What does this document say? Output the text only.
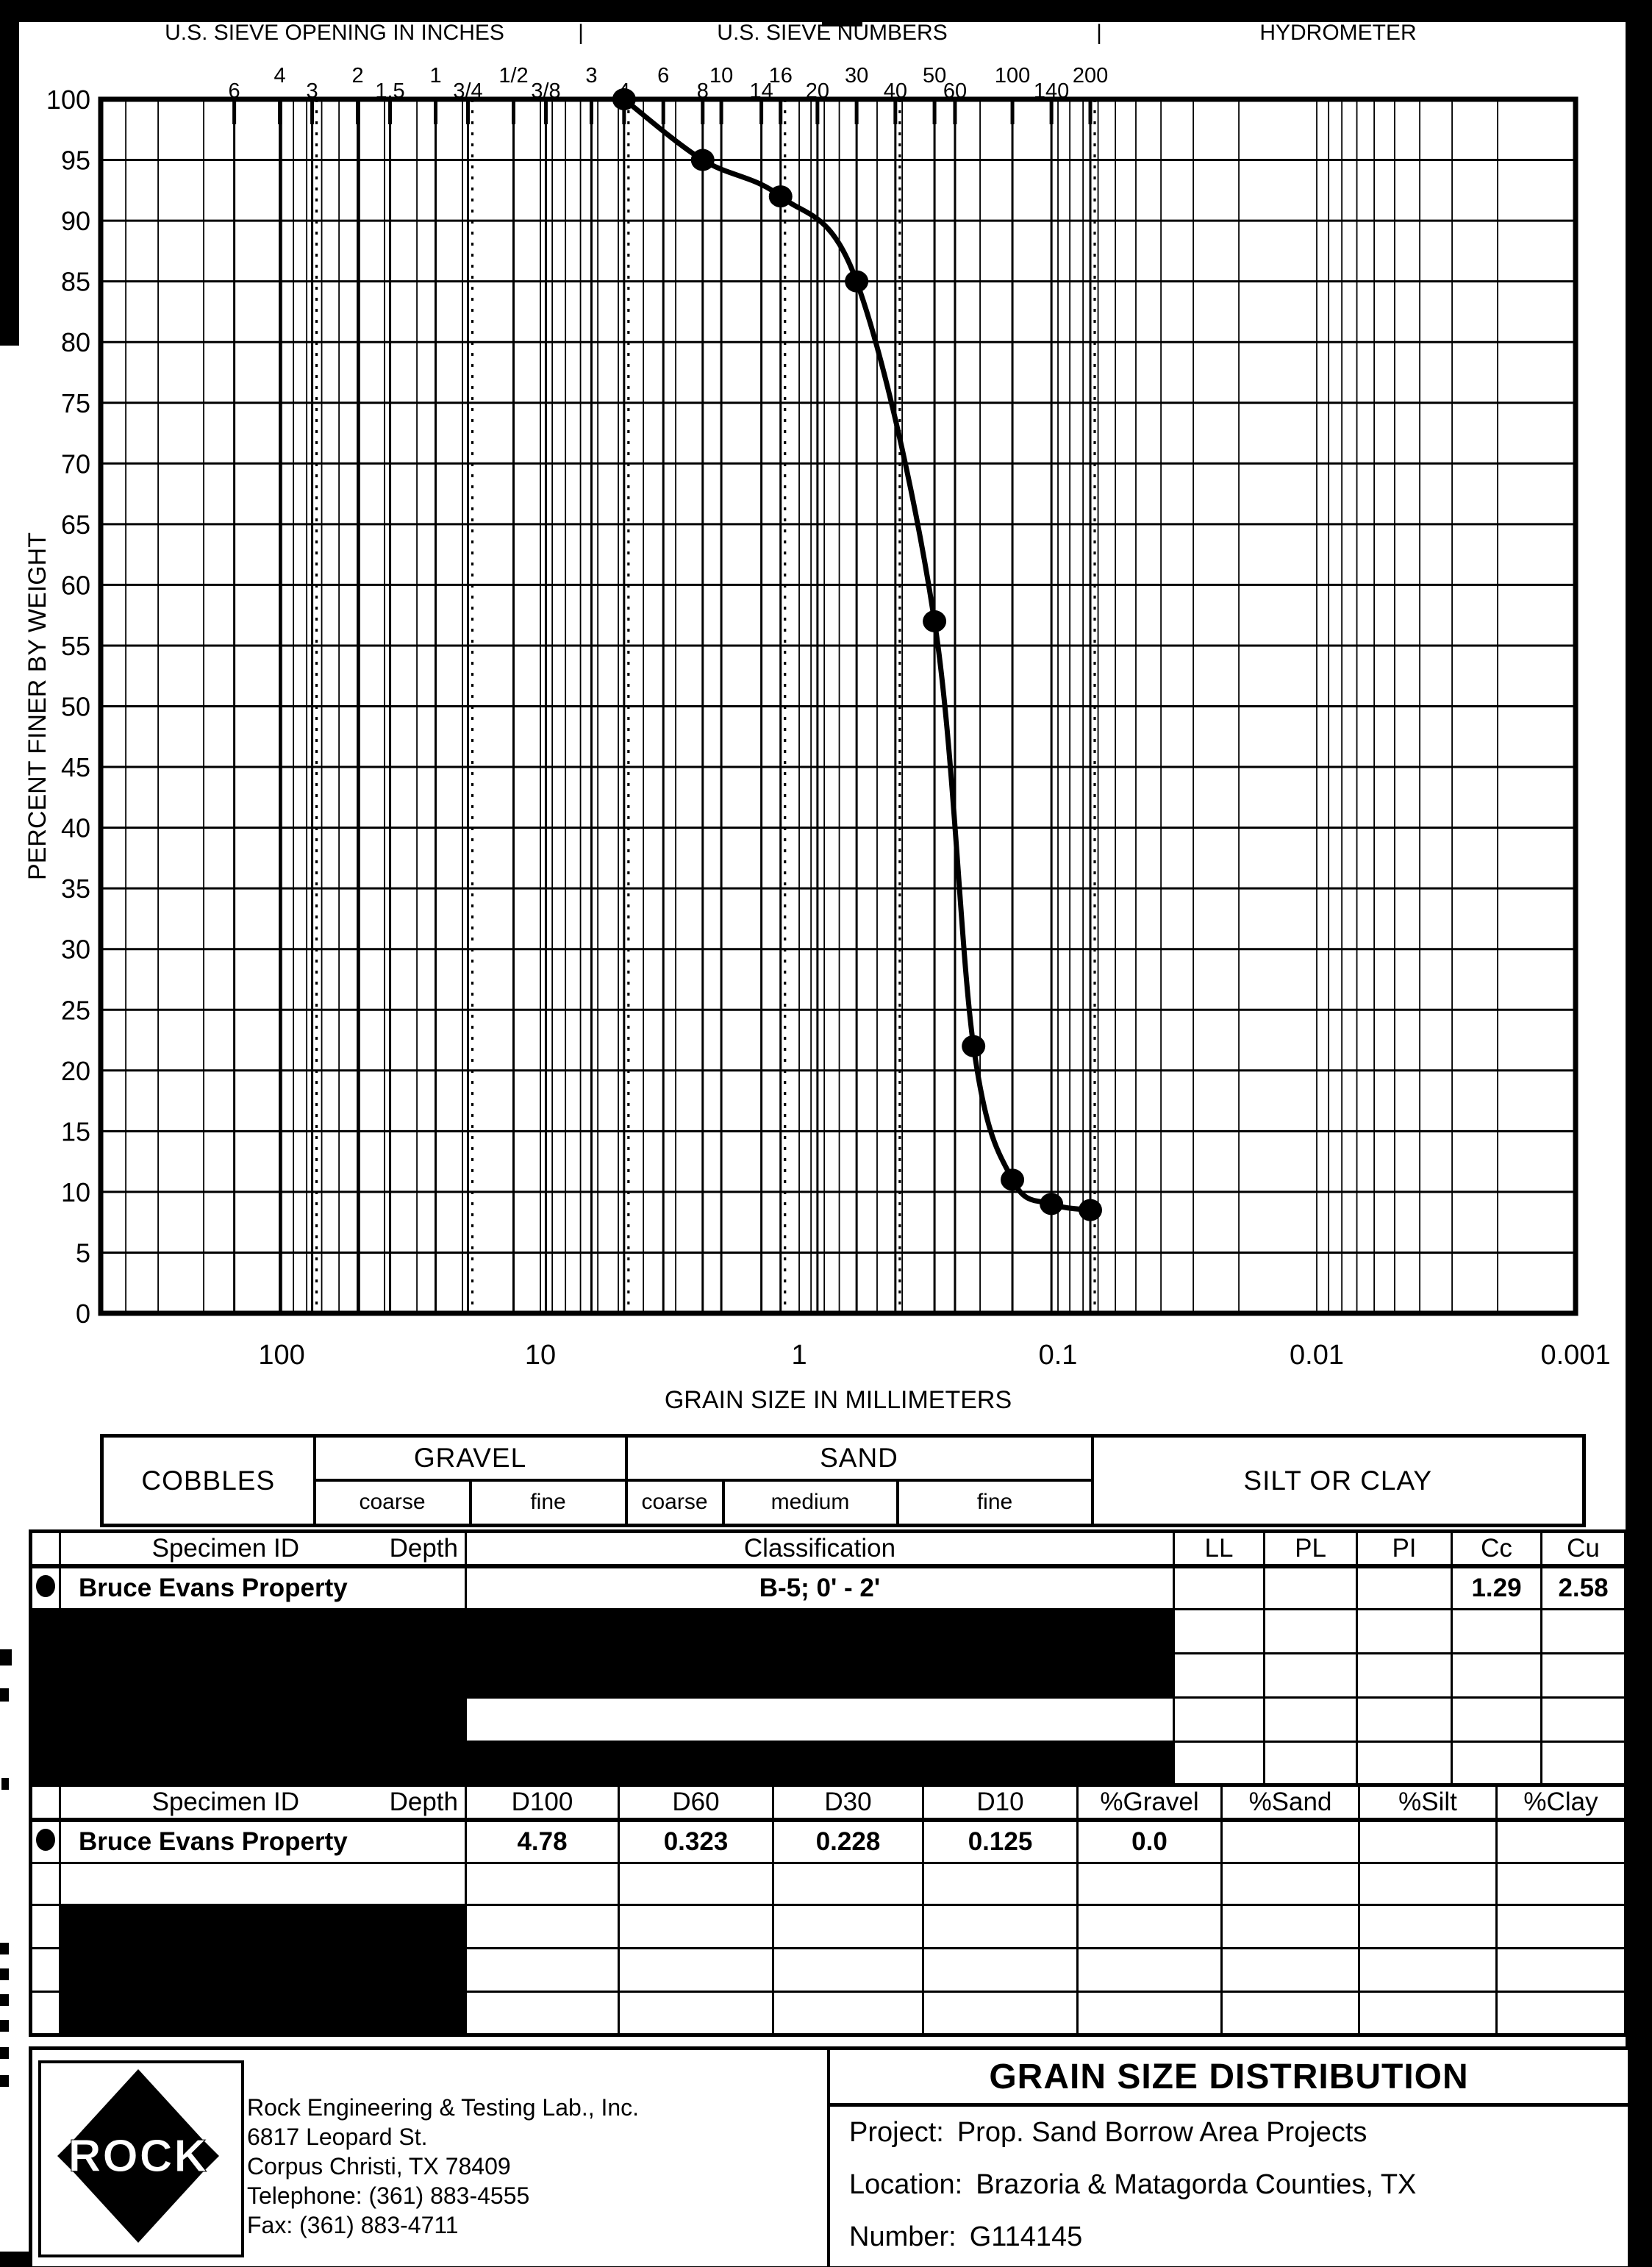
6
4
3
2
1.5
1
3/4
1/2
3/8
3	6
8
10
14
16
20
30
40
50
60
100
140
200
100
95
90
85
80
75
70
65
60
55
50
45
40
35
30
25
20
15
10
5
0
U.S. SIEVE OPENING IN INCHES	|	U.S. SIEVE NUMBERS	|	HYDROMETER
100	10	1	0.1	0.01	0.001
GRAIN SIZE IN MILLIMETERS
PERCENT FINER BY WEIGHT
COBBLES	GRAVEL		SAND			SILT OR CLAY
	coarse	fine	coarse	medium	fine	

	Specimen ID Depth	Classification	LL	PL	PI	Cc	Cu
	Bruce Evans Property	B-5; 0' - 2'				1.29	2.58

	Specimen ID Depth	D100	D60	D30	D10	%Gravel	%Sand	%Silt	%Clay
	Bruce Evans Property	4.78	0.323	0.228	0.125	0.0			

ROCK
Rock Engineering & Testing Lab., Inc.
6817 Leopard St.
Corpus Christi, TX 78409
Telephone: (361) 883-4555
Fax: (361) 883-4711
GRAIN SIZE DISTRIBUTION
Project: Prop. Sand Borrow Area Projects
Location: Brazoria & Matagorda Counties, TX
Number: G114145
